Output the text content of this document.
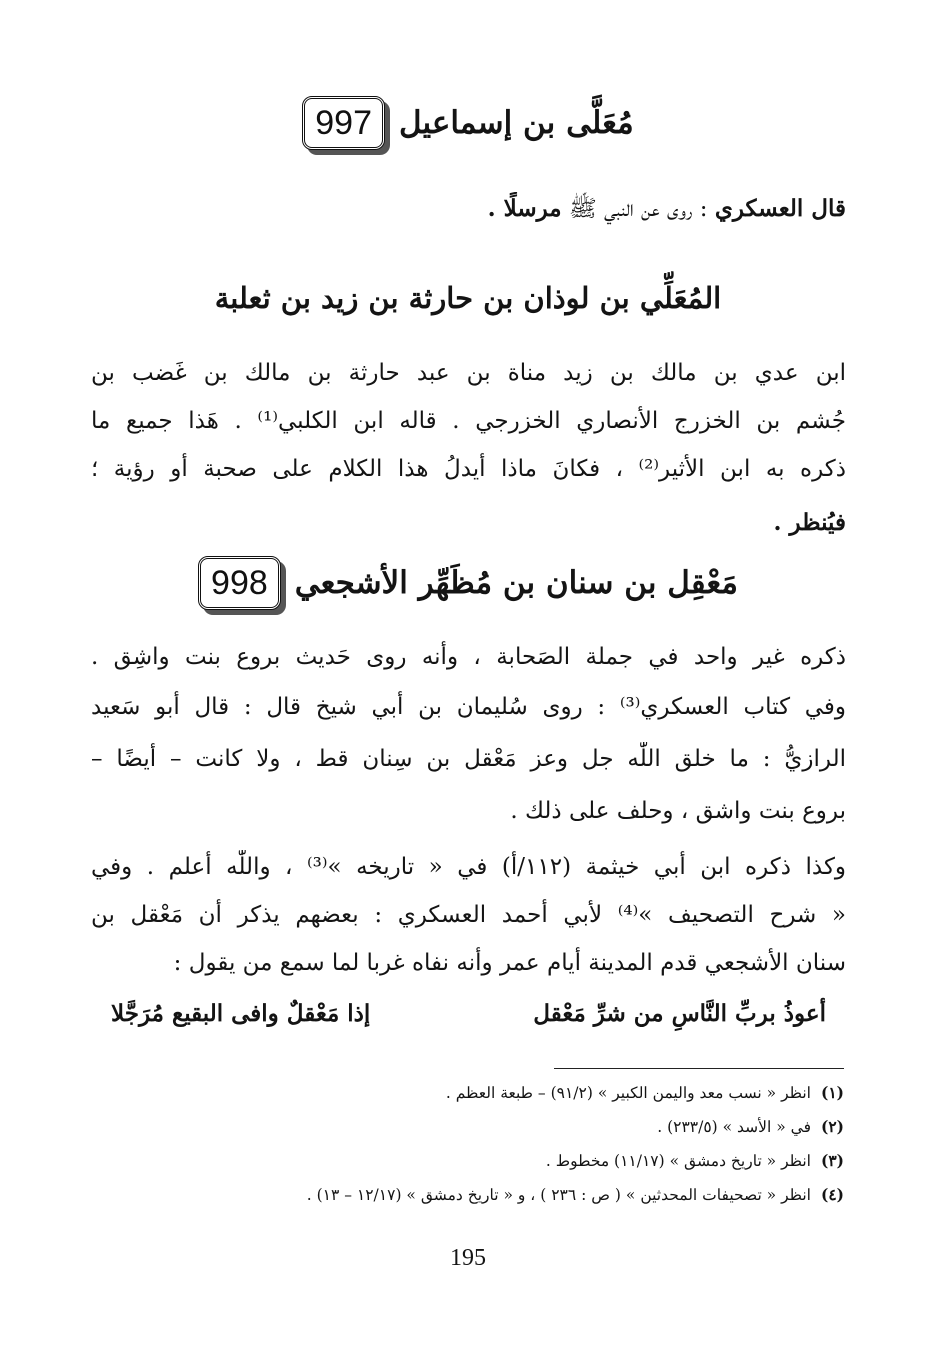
997 مُعَلَّى بن إسماعيل
قال العسكري : روى عن النبي ﷺ مرسلًا .
المُعَلِّي بن لوذان بن حارثة بن زيد بن ثعلبة
ابن عدي بن مالك بن زيد مناة بن عبد حارثة بن مالك بن غَضب بن
جُشم بن الخزرج الأنصاري الخزرجي . قاله ابن الكلبي⁽¹⁾ . هَذا جميع ما
ذكره به ابن الأثير⁽²⁾ ، فكانَ ماذا أيدلُ هذا الكلام على صحبة أو رؤية ؛
فيُنظر .
998 مَعْقِل بن سنان بن مُظَهِّر الأشجعي
ذكره غير واحد في جملة الصَحابة ، وأنه روى حَديث بروع بنت واشِق .
وفي كتاب العسكري⁽³⁾ : روى سُليمان بن أبي شيخ قال : قال أبو سَعيد
الرازيُّ : ما خلق اللّٰه جل وعز مَعْقل بن سِنان قط ، ولا كانت – أيضًا –
بروع بنت واشق ، وحلف على ذلك .
وكذا ذكره ابن أبي خيثمة (١١٢/أ) في « تاريخه »⁽³⁾ ، واللّٰه أعلم . وفي
« شرح التصحيف »⁽⁴⁾ لأبي أحمد العسكري : بعضهم يذكر أن مَعْقل بن
سنان الأشجعي قدم المدينة أيام عمر وأنه نفاه غربا لما سمع من يقول :
أعوذُ بربِّ النَّاسِ من شرِّ مَعْقل
إذا مَعْقلٌ وافى البقيع مُرَجَّلا
(١)
انظر « نسب معد واليمن الكبير » (٩١/٢) – طبعة العظم .
(٢)
في « الأسد » (٢٣٣/٥) .
(٣)
انظر « تاريخ دمشق » (١١/١٧) مخطوط .
(٤)
انظر « تصحيفات المحدثين » ( ص : ٢٣٦ ) ، و « تاريخ دمشق » (١٢/١٧ – ١٣) .
195
